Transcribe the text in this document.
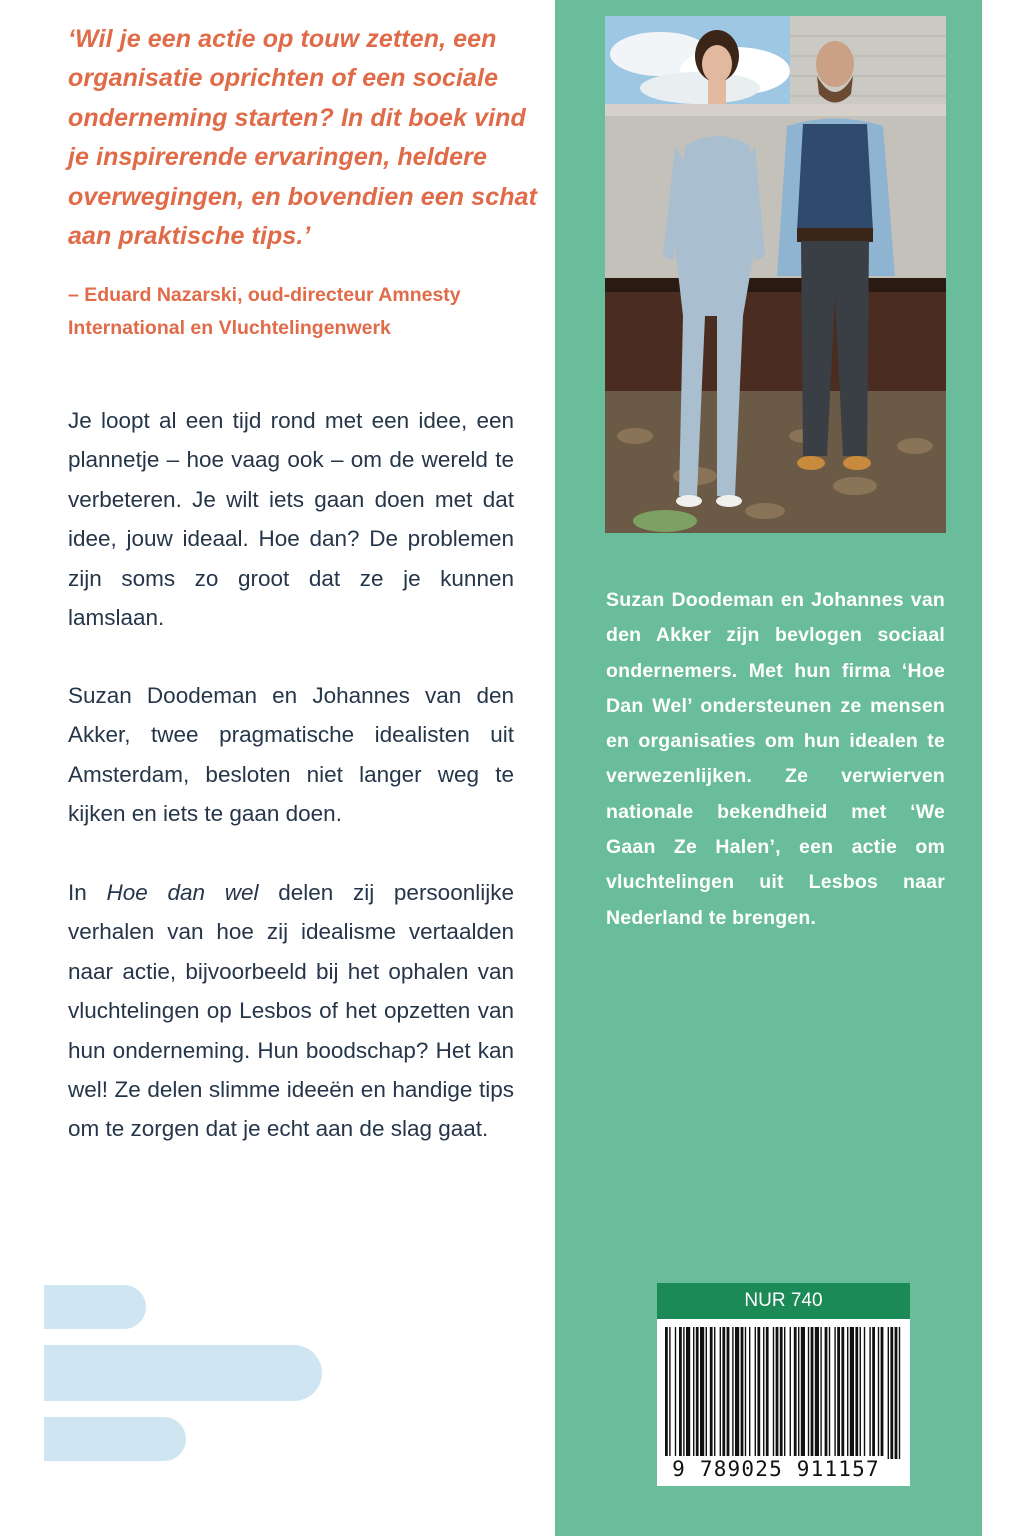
‘Wil je een actie op touw zetten, een organisatie oprichten of een sociale onderneming starten? In dit boek vind je inspirerende ervaringen, heldere overwegingen, en bovendien een schat aan praktische tips.’
– Eduard Nazarski, oud-directeur Amnesty International en Vluchtelingenwerk
Je loopt al een tijd rond met een idee, een plannetje – hoe vaag ook – om de wereld te verbeteren. Je wilt iets gaan doen met dat idee, jouw ideaal. Hoe dan? De problemen zijn soms zo groot dat ze je kunnen lamslaan.
Suzan Doodeman en Johannes van den Akker, twee pragmatische idealisten uit Amsterdam, besloten niet langer weg te kijken en iets te gaan doen.
In Hoe dan wel delen zij persoonlijke verhalen van hoe zij idealisme vertaalden naar actie, bijvoorbeeld bij het ophalen van vluchtelingen op Lesbos of het opzetten van hun onderneming. Hun boodschap? Het kan wel! Ze delen slimme ideeën en handige tips om te zorgen dat je echt aan de slag gaat.
Suzan Doodeman en Johannes van den Akker zijn bevlogen sociaal ondernemers. Met hun firma ‘Hoe Dan Wel’ ondersteunen ze mensen en organisaties om hun idealen te verwezenlijken. Ze verwierven nationale bekendheid met ‘We Gaan Ze Halen’, een actie om vluchtelingen uit Lesbos naar Nederland te brengen.
NUR 740
9 789025 911157
